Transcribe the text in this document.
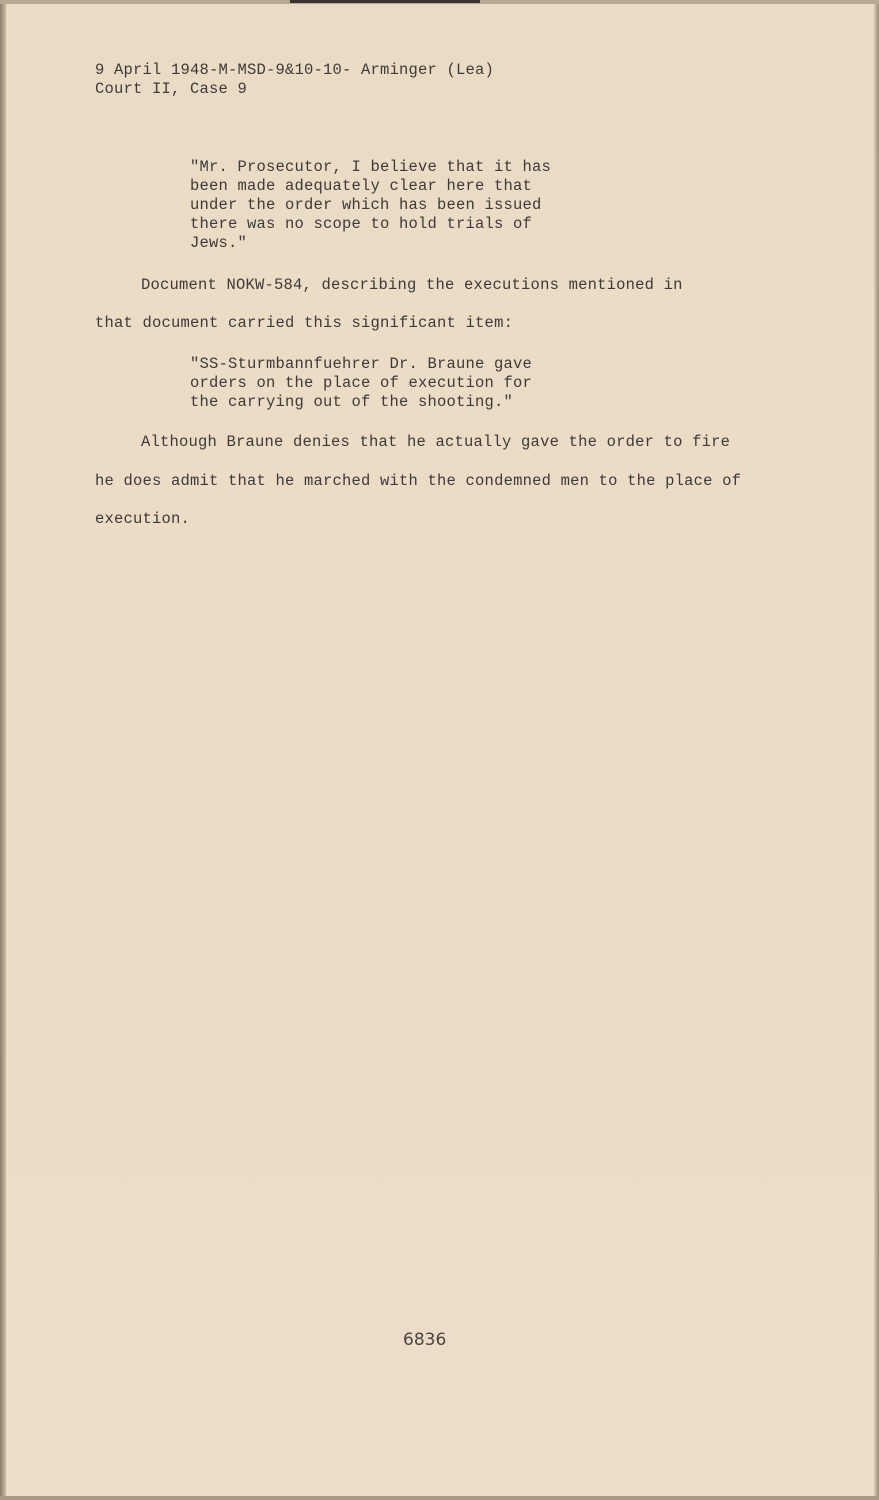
9 April 1948-M-MSD-9&10-10- Arminger (Lea)
Court II, Case 9
"Mr. Prosecutor, I believe that it has
been made adequately clear here that
under the order which has been issued
there was no scope to hold trials of
Jews."
Document NOKW-584, describing the executions mentioned in
that document carried this significant item:
"SS-Sturmbannfuehrer Dr. Braune gave
orders on the place of execution for
the carrying out of the shooting."
Although Braune denies that he actually gave the order to fire
he does admit that he marched with the condemned men to the place of
execution.
6836
